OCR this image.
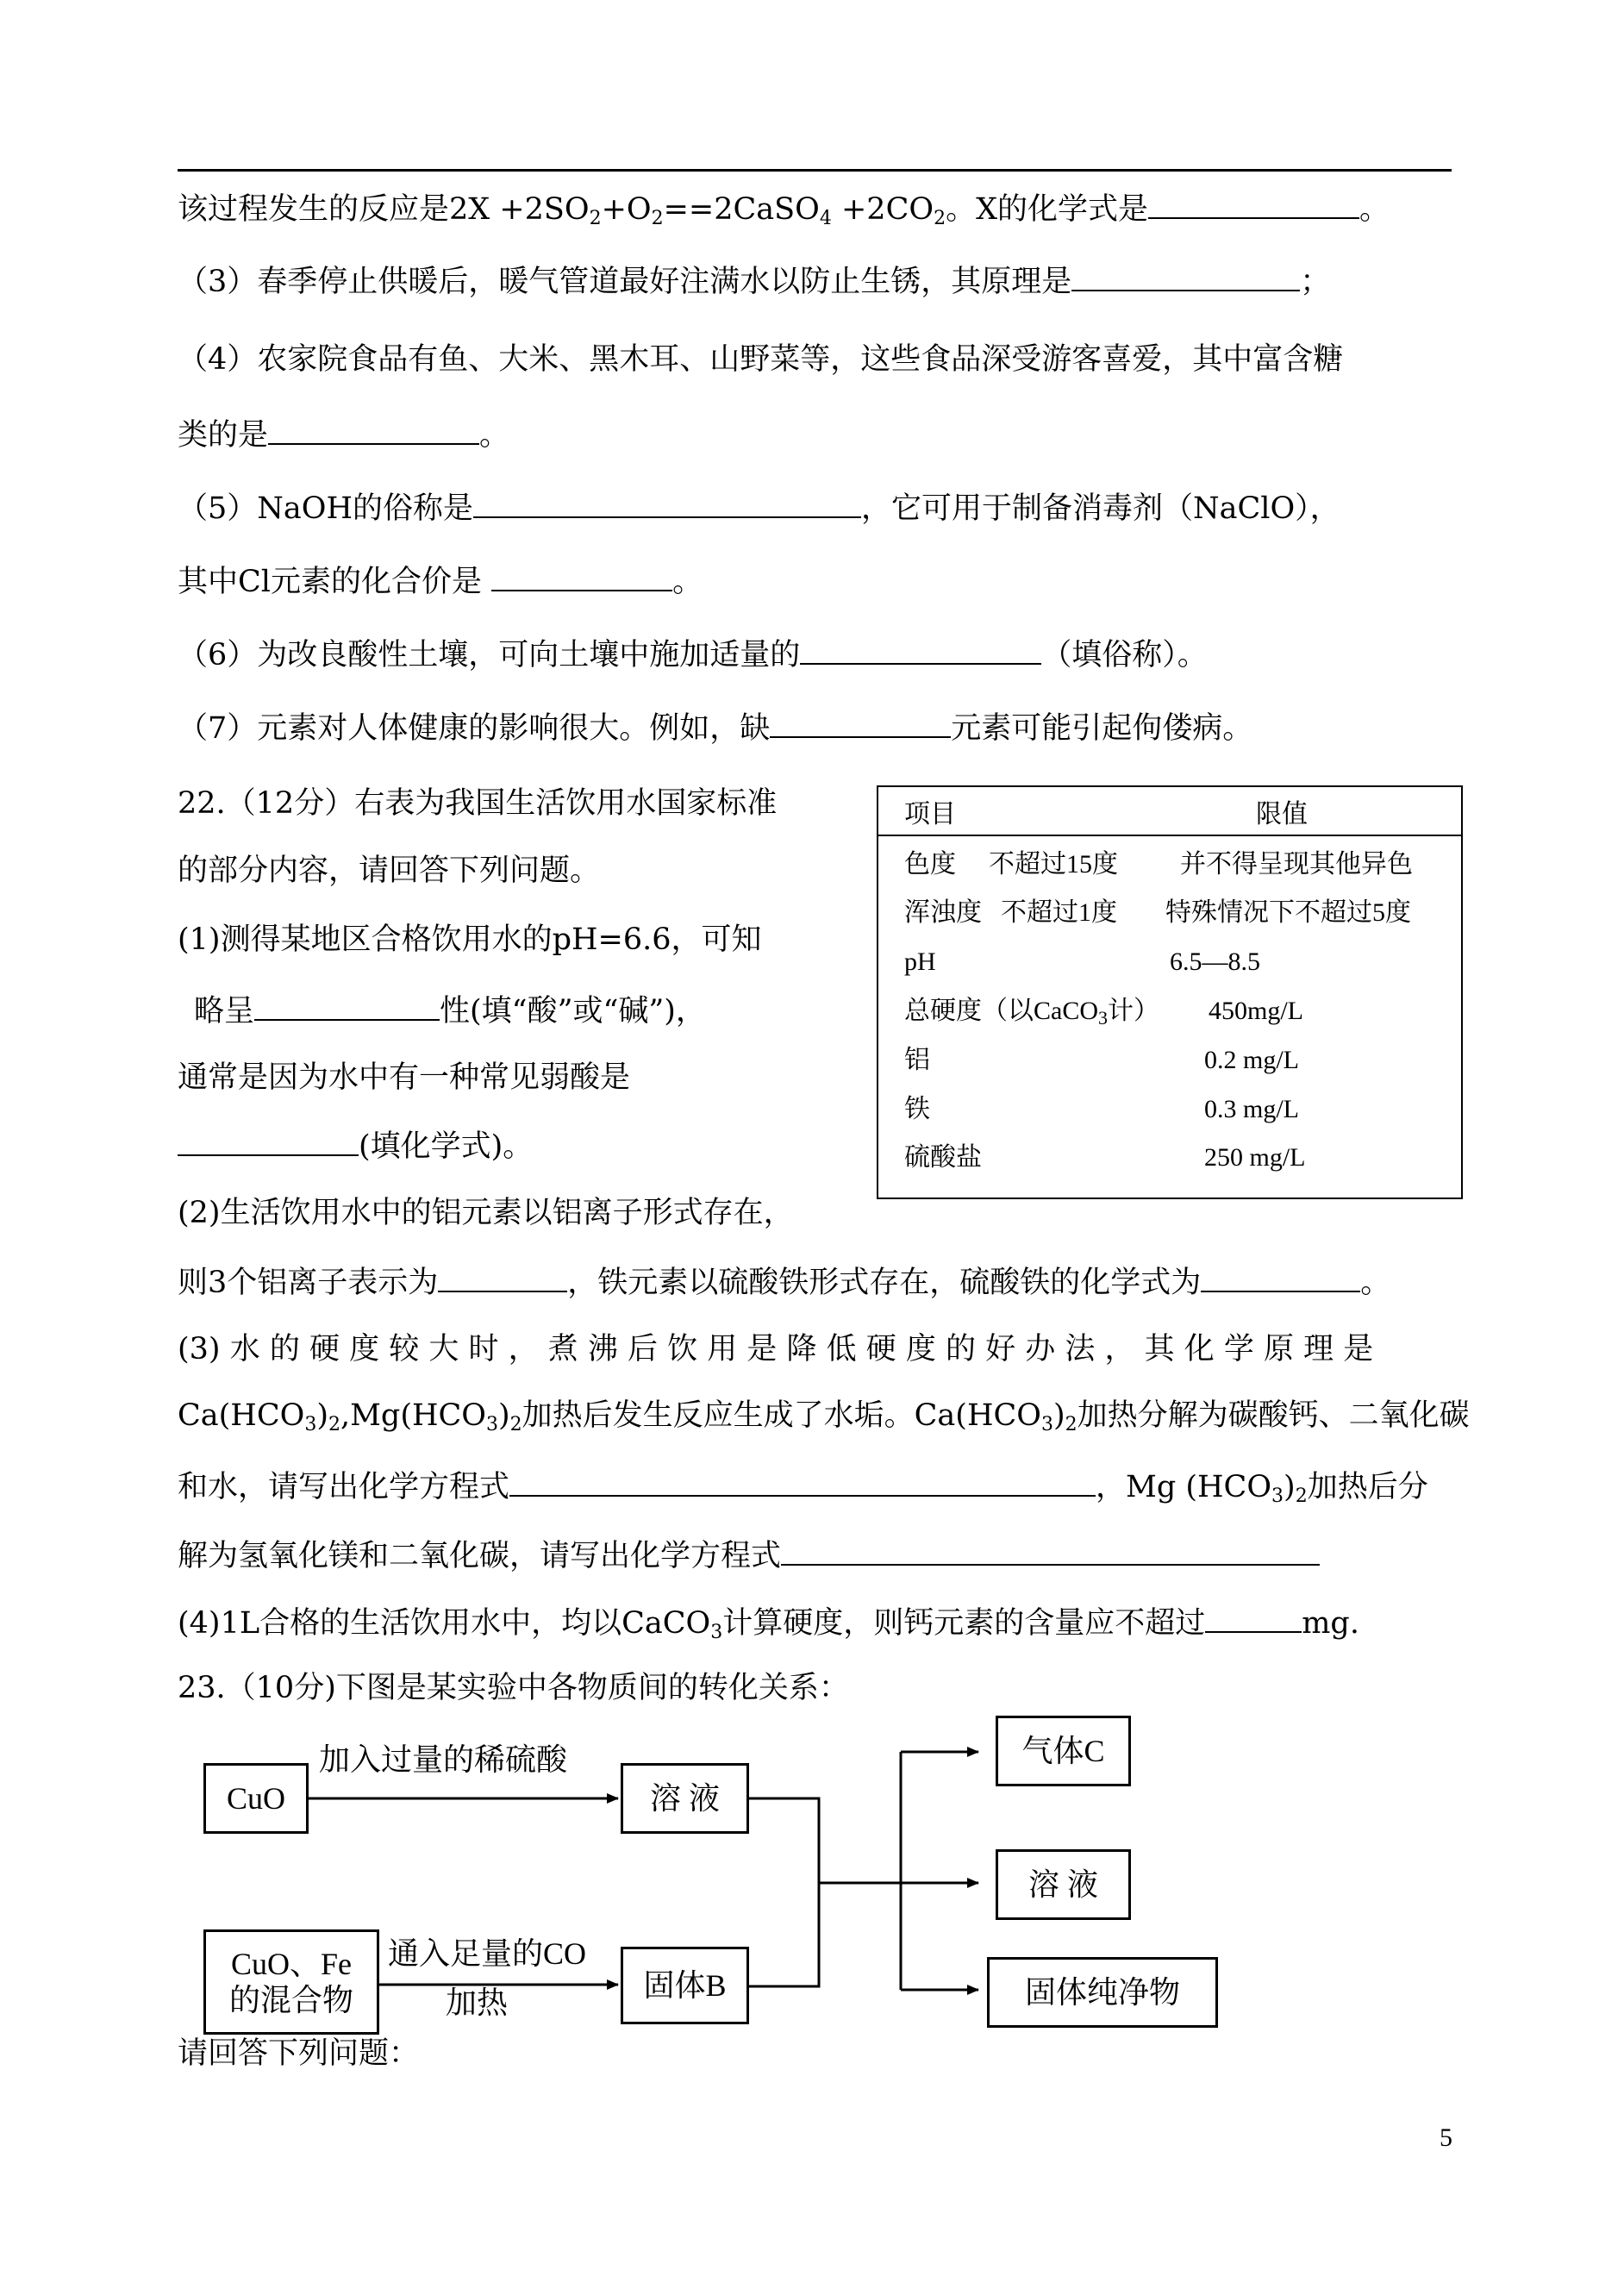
该过程发生的反应是$2X +2SO_2+O_2==2CaSO_4 +2CO_2$。X的化学式是	。
（3）春季停止供暖后，暖气管道最好注满水以防止生锈，其原理是	；
（4）农家院食品有鱼、大米、黑木耳、山野菜等，这些食品深受游客喜爱，其中富含糖
类的是	。
（5）NaOH的俗称是	，它可用于制备消毒剂（NaClO），
其中Cl元素的化合价是	。
（6）为改良酸性土壤，可向土壤中施加适量的	（填俗称）。
（7）元素对人体健康的影响很大。例如，缺	元素可能引起佝偻病。
22.（12分）右表为我国生活饮用水国家标准
的部分内容，请回答下列问题。
(1)测得某地区合格饮用水的pH=6.6，可知
略呈	性(填“酸”或“碱”)，
通常是因为水中有一种常见弱酸是
(填化学式)。
(2)生活饮用水中的铝元素以铝离子形式存在，
项目	限值
色度 不超过15度 并不得呈现其他异色
浑浊度 不超过1度 特殊情况下不超过5度
pH	6.5—8.5
总硬度（以CaCO$_3$计） 450mg/L
铝	0.2 mg/L
铁	0.3 mg/L
硫酸盐	250 mg/L
则3个铝离子表示为	，铁元素以硫酸铁形式存在，硫酸铁的化学式为	。
(3) 水 的 硬 度 较 大 时 ， 煮 沸 后 饮 用 是 降 低 硬 度 的 好 办 法 ， 其 化 学 原 理 是
$Ca(HCO_3)_2,Mg(HCO_3)_2$加热后发生反应生成了水垢。$Ca(HCO_3)_2$加热分解为碳酸钙、二氧化碳
和水，请写出化学方程式	，Mg $(HCO_3)_2$加热后分
解为氢氧化镁和二氧化碳，请写出化学方程式
(4)1L合格的生活饮用水中，均以CaCO$_3$计算硬度，则钙元素的含量应不超过	mg.
23.（10分)下图是某实验中各物质间的转化关系：
CuO
加入过量的稀硫酸
溶 液
CuO、Fe
的混合物
通入足量的CO
加热	固体B
气体C
溶 液
固体纯净物
请回答下列问题：
5
